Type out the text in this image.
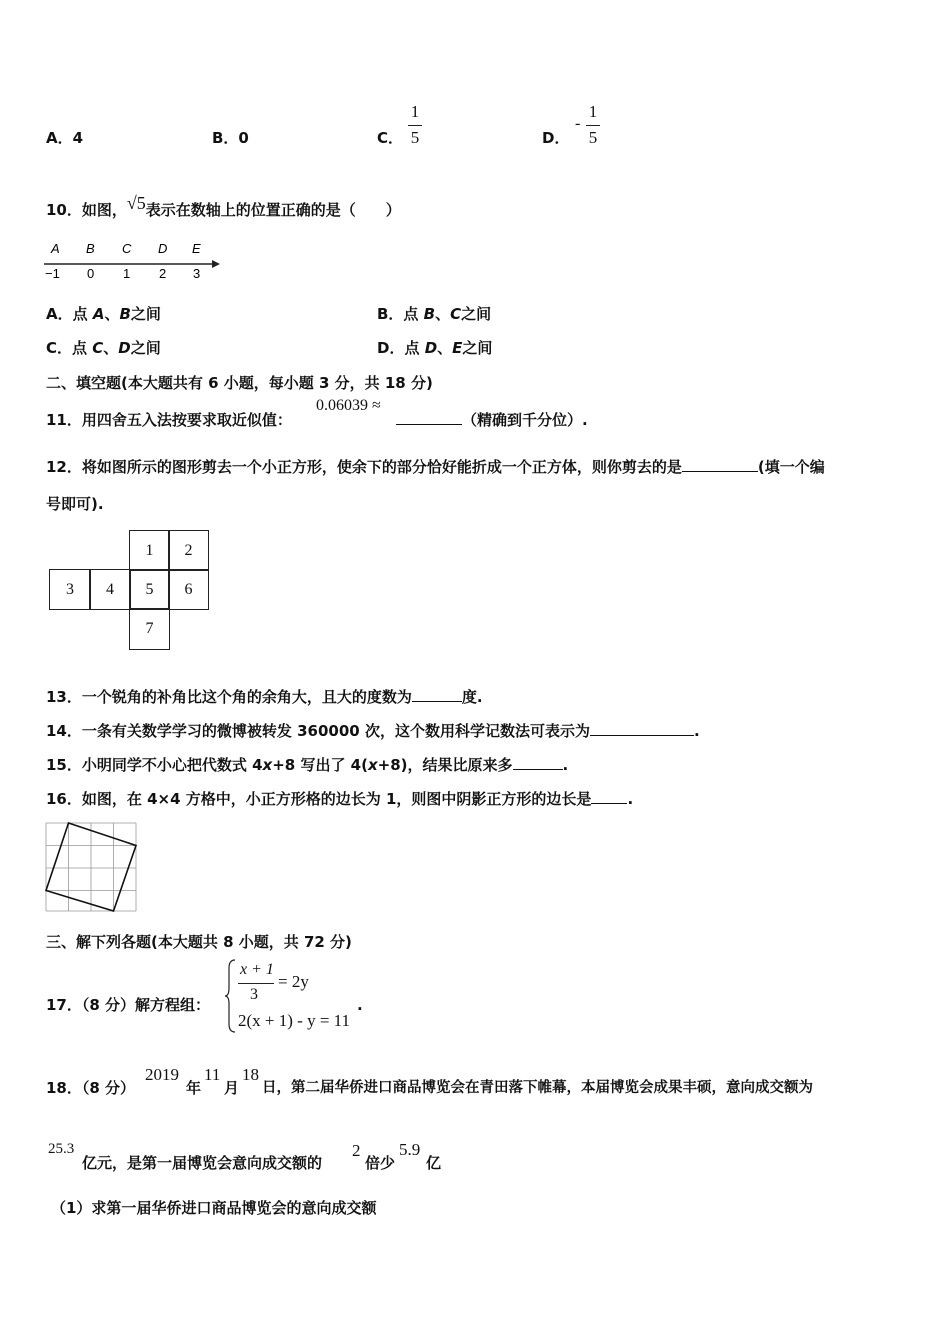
A．4	B．0	C．
1
5	D．
-
1
5
10．如图，√5表示在数轴上的位置正确的是（　　）
A B C D E
−1 0 1 2 3
A．点 A、B之间	B．点 B、C之间
C．点 C、D之间	D．点 D、E之间
二、填空题(本大题共有 6 小题，每小题 3 分，共 18 分)
11．用四舍五入法按要求取近似值：
0.06039 ≈
（精确到千分位）.
12．将如图所示的图形剪去一个小正方形，使余下的部分恰好能折成一个正方体，则你剪去的是	(填一个编
号即可).
1	2
3	4	5	6
7
13．一个锐角的补角比这个角的余角大，且大的度数为	度.
14．一条有关数学学习的微博被转发 360000 次，这个数用科学记数法可表示为	.
15．小明同学不小心把代数式 4x+8 写出了 4(x+8)，结果比原来多	.
16．如图，在 4×4 方格中，小正方形格的边长为 1，则图中阴影正方形的边长是 .
三、解下列各题(本大题共 8 小题，共 72 分)
17．（8 分）解方程组：
x + 1
3
= 2y
2(x + 1) - y = 11
.
18．（8 分）
2019
年
11
月
18
日，第二届华侨进口商品博览会在青田落下帷幕，本届博览会成果丰硕，意向成交额为
25.3
亿元，是第一届博览会意向成交额的
2
倍少
5.9
亿
（1）求第一届华侨进口商品博览会的意向成交额
